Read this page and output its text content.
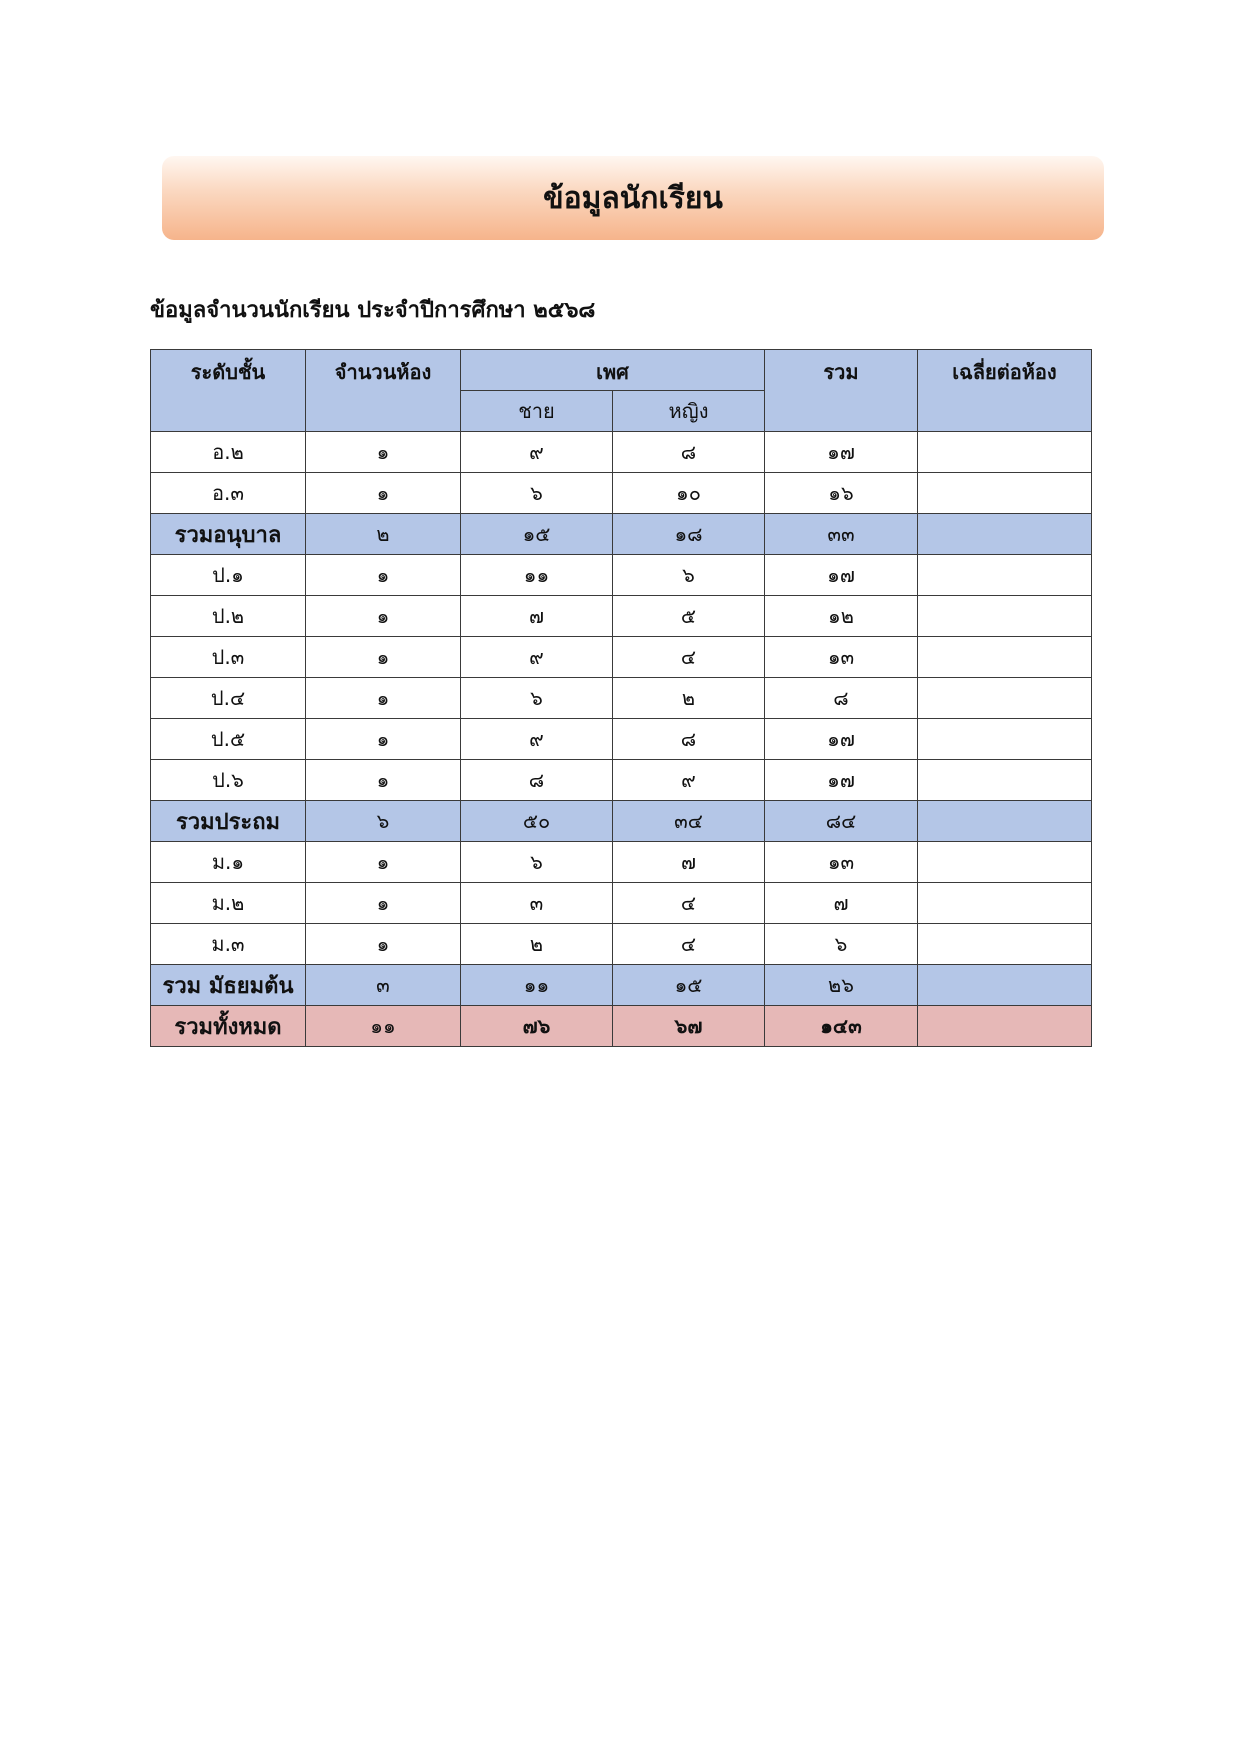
ข้อมูลนักเรียน

ข้อมูลจำนวนนักเรียน ประจำปีการศึกษา ๒๕๖๘

ระดับชั้น	จำนวนห้อง	เพศ		รวม	เฉลี่ยต่อห้อง
		ชาย	หญิง		
อ.๒	๑	๙	๘	๑๗	
อ.๓	๑	๖	๑๐	๑๖	
รวมอนุบาล	๒	๑๕	๑๘	๓๓	
ป.๑	๑	๑๑	๖	๑๗	
ป.๒	๑	๗	๕	๑๒	
ป.๓	๑	๙	๔	๑๓	
ป.๔	๑	๖	๒	๘	
ป.๕	๑	๙	๘	๑๗	
ป.๖	๑	๘	๙	๑๗	
รวมประถม	๖	๕๐	๓๔	๘๔	
ม.๑	๑	๖	๗	๑๓	
ม.๒	๑	๓	๔	๗	
ม.๓	๑	๒	๔	๖	
รวม มัธยมต้น	๓	๑๑	๑๕	๒๖	
รวมทั้งหมด	๑๑	๗๖	๖๗	๑๔๓	
